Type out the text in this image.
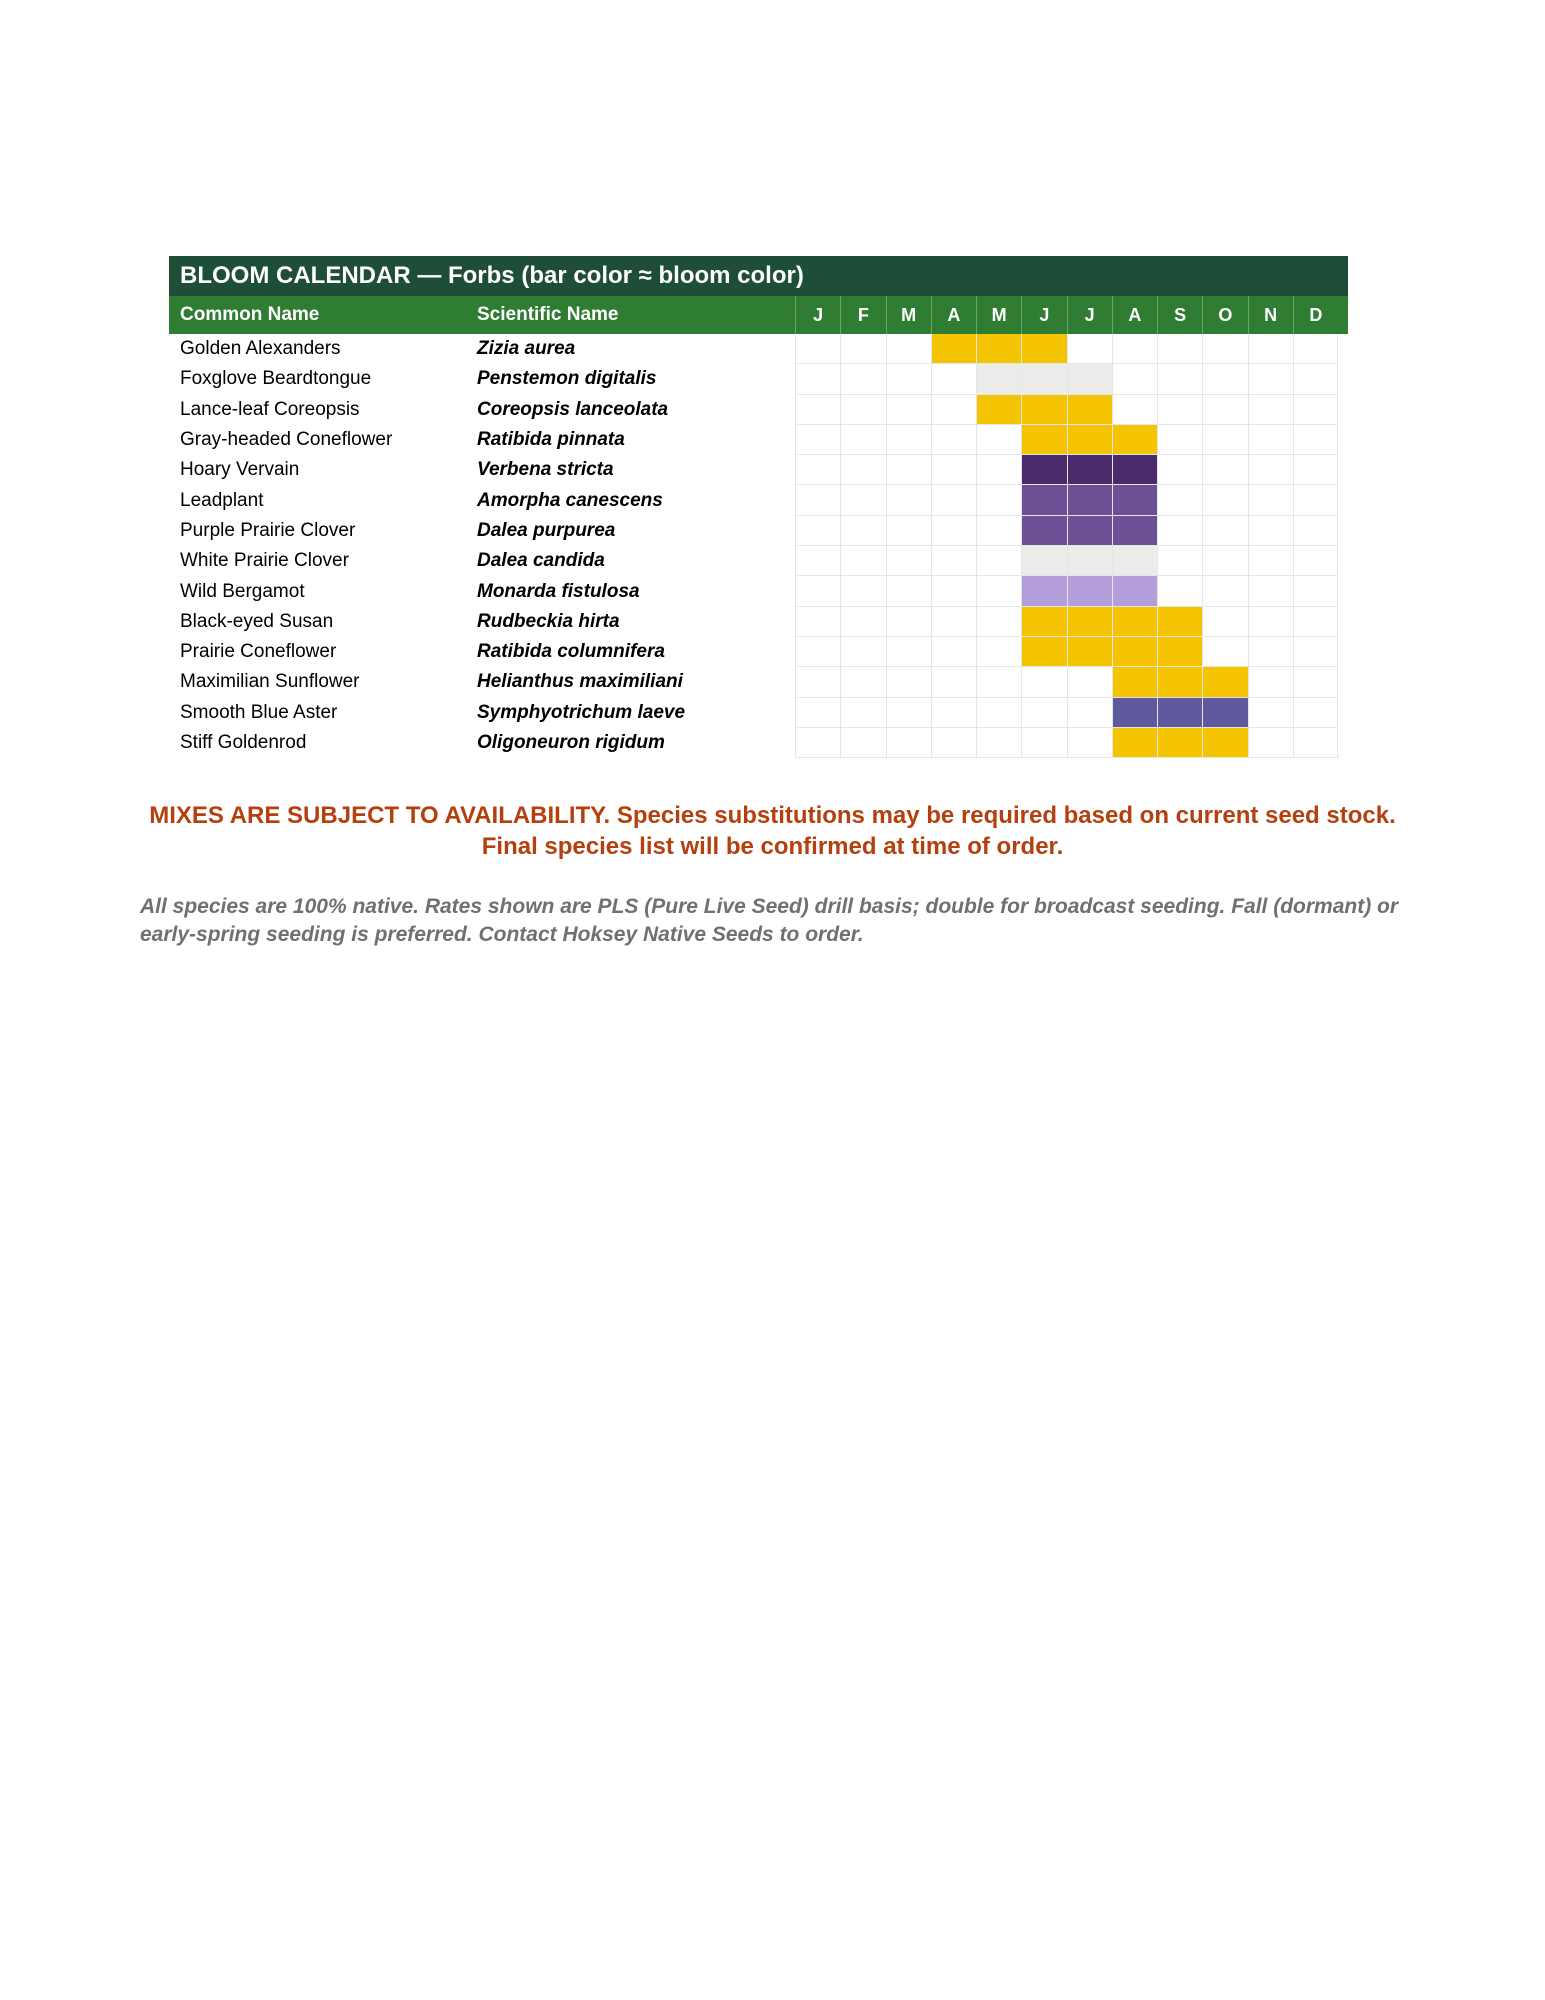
BLOOM CALENDAR — Forbs (bar color ≈ bloom color)
Common Name	Scientific Name	J	F	M	A	M	J	J	A	S	O	N	D
Golden Alexanders	Zizia aurea
Foxglove Beardtongue	Penstemon digitalis
Lance-leaf Coreopsis	Coreopsis lanceolata
Gray-headed Coneflower	Ratibida pinnata
Hoary Vervain	Verbena stricta
Leadplant	Amorpha canescens
Purple Prairie Clover	Dalea purpurea
White Prairie Clover	Dalea candida
Wild Bergamot	Monarda fistulosa
Black-eyed Susan	Rudbeckia hirta
Prairie Coneflower	Ratibida columnifera
Maximilian Sunflower	Helianthus maximiliani
Smooth Blue Aster	Symphyotrichum laeve
Stiff Goldenrod	Oligoneuron rigidum
MIXES ARE SUBJECT TO AVAILABILITY. Species substitutions may be required based on current seed stock. Final species list will be confirmed at time of order.
All species are 100% native. Rates shown are PLS (Pure Live Seed) drill basis; double for broadcast seeding. Fall (dormant) or early-spring seeding is preferred. Contact Hoksey Native Seeds to order.
